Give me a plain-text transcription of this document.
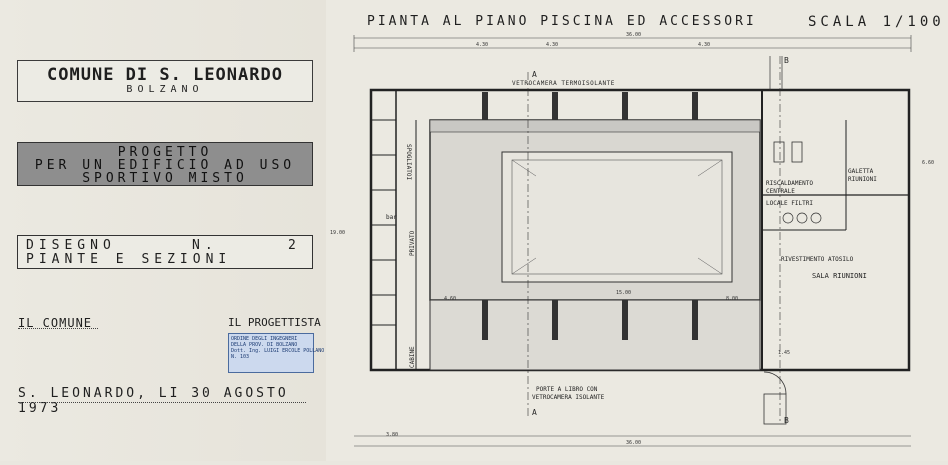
COMUNE DI S. LEONARDO
BOLZANO
PROGETTO
PER UN EDIFICIO AD USO
SPORTIVO MISTO
DISEGNO	N.	2
PIANTE E SEZIONI
IL COMUNE	IL PROGETTISTA
ORDINE DEGLI INGEGNERI
DELLA PROV. DI BOLZANO
Dott. Ing. LUIGI ERCOLE POLLANO
N. 103
S. LEONARDO, LI 30 AGOSTO 1973
VETROCAMERA TERMOISOLANTE
SPOGLIATOI
PRIVATO
CABINE
bar
RISCALDAMENTO CENTRALE
GALETTA RIUNIONI
LOCALE FILTRI
RIVESTIMENTO ATOSILO
SALA RIUNIONI
PORTE A LIBRO CON
VETROCAMERA ISOLANTE
36.00
36.00
15.00
4.30	4.30	4.30
8.00
4.60
3.80
1.45
6.60
19.00
A
A
B
B
PIANTA AL PIANO PISCINA ED ACCESSORI	SCALA 1/100
